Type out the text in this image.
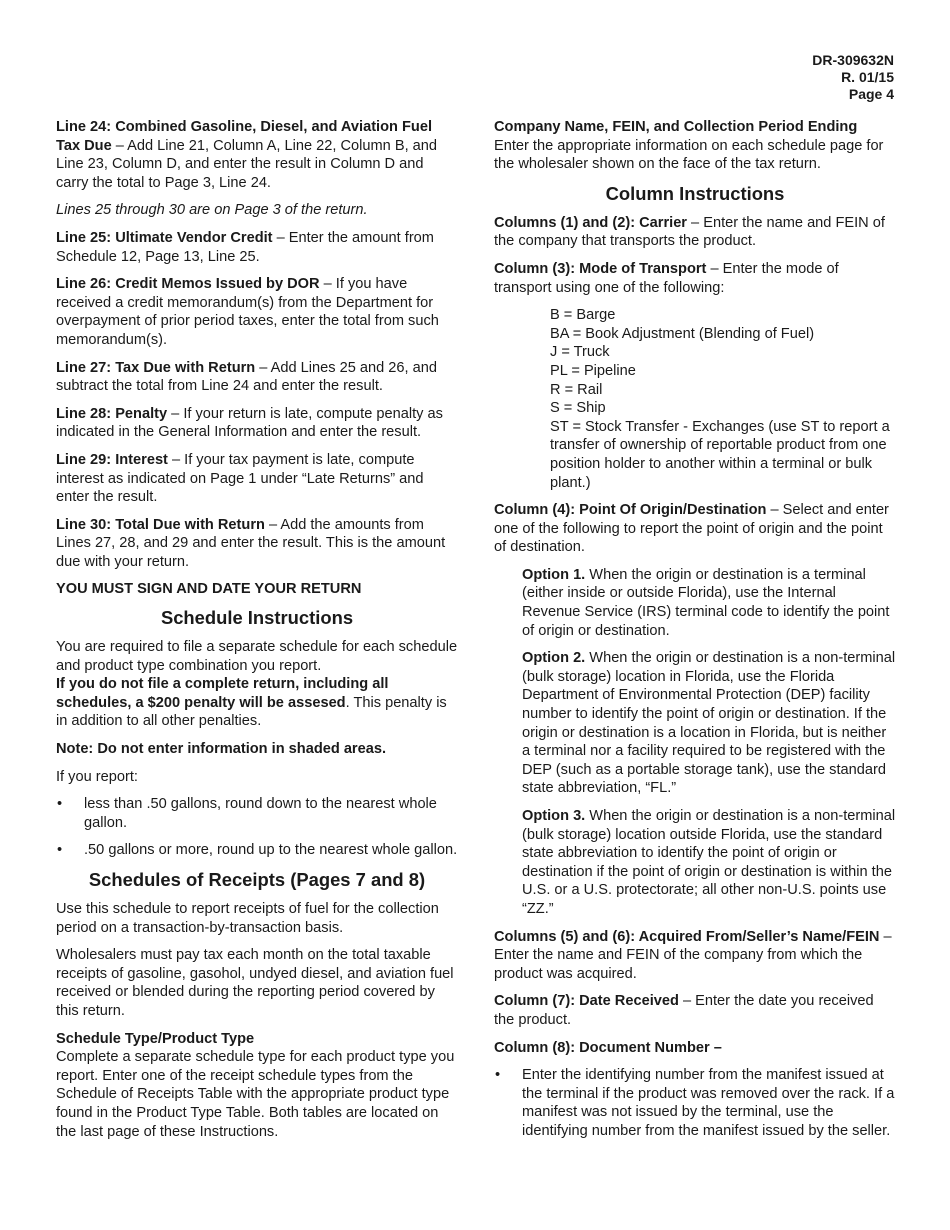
DR-309632N
R. 01/15
Page 4

Line 24: Combined Gasoline, Diesel, and Aviation Fuel Tax Due – Add Line 21, Column A, Line 22, Column B, and Line 23, Column D, and enter the result in Column D and carry the total to Page 3, Line 24.

Lines 25 through 30 are on Page 3 of the return.

Line 25: Ultimate Vendor Credit – Enter the amount from Schedule 12, Page 13, Line 25.

Line 26: Credit Memos Issued by DOR – If you have received a credit memorandum(s) from the Department for overpayment of prior period taxes, enter the total from such memorandum(s).

Line 27: Tax Due with Return – Add Lines 25 and 26, and subtract the total from Line 24 and enter the result.

Line 28: Penalty – If your return is late, compute penalty as indicated in the General Information and enter the result.

Line 29: Interest – If your tax payment is late, compute interest as indicated on Page 1 under “Late Returns” and enter the result.

Line 30: Total Due with Return – Add the amounts from Lines 27, 28, and 29 and enter the result. This is the amount due with your return.

YOU MUST SIGN AND DATE YOUR RETURN

Schedule Instructions

You are required to file a separate schedule for each schedule and product type combination you report.
If you do not file a complete return, including all schedules, a $200 penalty will be assesed. This penalty is in addition to all other penalties.

Note: Do not enter information in shaded areas.

If you report:

• less than .50 gallons, round down to the nearest whole gallon.
• .50 gallons or more, round up to the nearest whole gallon.
Schedules of Receipts (Pages 7 and 8)

Use this schedule to report receipts of fuel for the collection period on a transaction-by-transaction basis.

Wholesalers must pay tax each month on the total taxable receipts of gasoline, gasohol, undyed diesel, and aviation fuel received or blended during the reporting period covered by this return.

Schedule Type/Product Type

Complete a separate schedule type for each product type you report. Enter one of the receipt schedule types from the Schedule of Receipts Table with the appropriate product type found in the Product Type Table. Both tables are located on the last page of these Instructions.

Company Name, FEIN, and Collection Period Ending

Enter the appropriate information on each schedule page for the wholesaler shown on the face of the tax return.

Column Instructions

Columns (1) and (2): Carrier – Enter the name and FEIN of the company that transports the product.

Column (3): Mode of Transport – Enter the mode of transport using one of the following:

B = Barge
BA = Book Adjustment (Blending of Fuel)
J = Truck
PL = Pipeline
R = Rail
S = Ship
ST = Stock Transfer - Exchanges (use ST to report a transfer of ownership of reportable product from one position holder to another within a terminal or bulk plant.)

Column (4): Point Of Origin/Destination – Select and enter one of the following to report the point of origin and the point of destination.

Option 1. When the origin or destination is a terminal (either inside or outside Florida), use the Internal Revenue Service (IRS) terminal code to identify the point of origin or destination.

Option 2. When the origin or destination is a non-terminal (bulk storage) location in Florida, use the Florida Department of Environmental Protection (DEP) facility number to identify the point of origin or destination. If the origin or destination is a location in Florida, but is neither a terminal nor a facility required to be registered with the DEP (such as a portable storage tank), use the standard state abbreviation, “FL.”

Option 3. When the origin or destination is a non-terminal (bulk storage) location outside Florida, use the standard state abbreviation to identify the point of origin or destination if the point of origin or destination is within the U.S. or a U.S. protectorate; all other non-U.S. points use “ZZ.”

Columns (5) and (6): Acquired From/Seller’s Name/FEIN – Enter the name and FEIN of the company from which the product was acquired.

Column (7): Date Received – Enter the date you received the product.

Column (8): Document Number –

• Enter the identifying number from the manifest issued at the terminal if the product was removed over the rack. If a manifest was not issued by the terminal, use the identifying number from the manifest issued by the seller.
